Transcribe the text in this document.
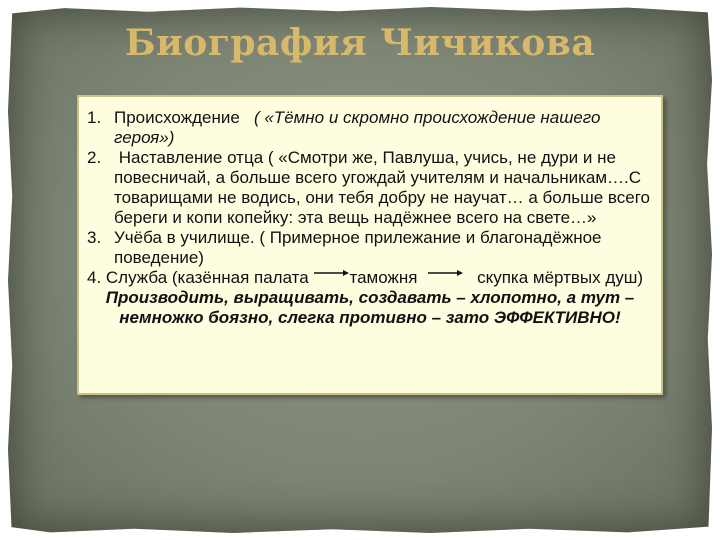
Биография Чичикова

1. Происхождение ( «Тёмно и скромно происхождение нашего героя»)

2. Наставление отца ( «Смотри же, Павлуша, учись, не дури и не повесничай, а больше всего угождай учителям и начальникам….С товарищами не водись, они тебя добру не научат… а больше всего береги и копи копейку: эта вещь надёжнее всего на свете…»

3. Учёба в училище. ( Примерное прилежание и благонадёжное поведение)

4. Служба (казённая палата таможня	скупка мёртвых душ)

Производить, выращивать, создавать – хлопотно, а тут –

немножко боязно, слегка противно – зато ЭФФЕКТИВНО!
